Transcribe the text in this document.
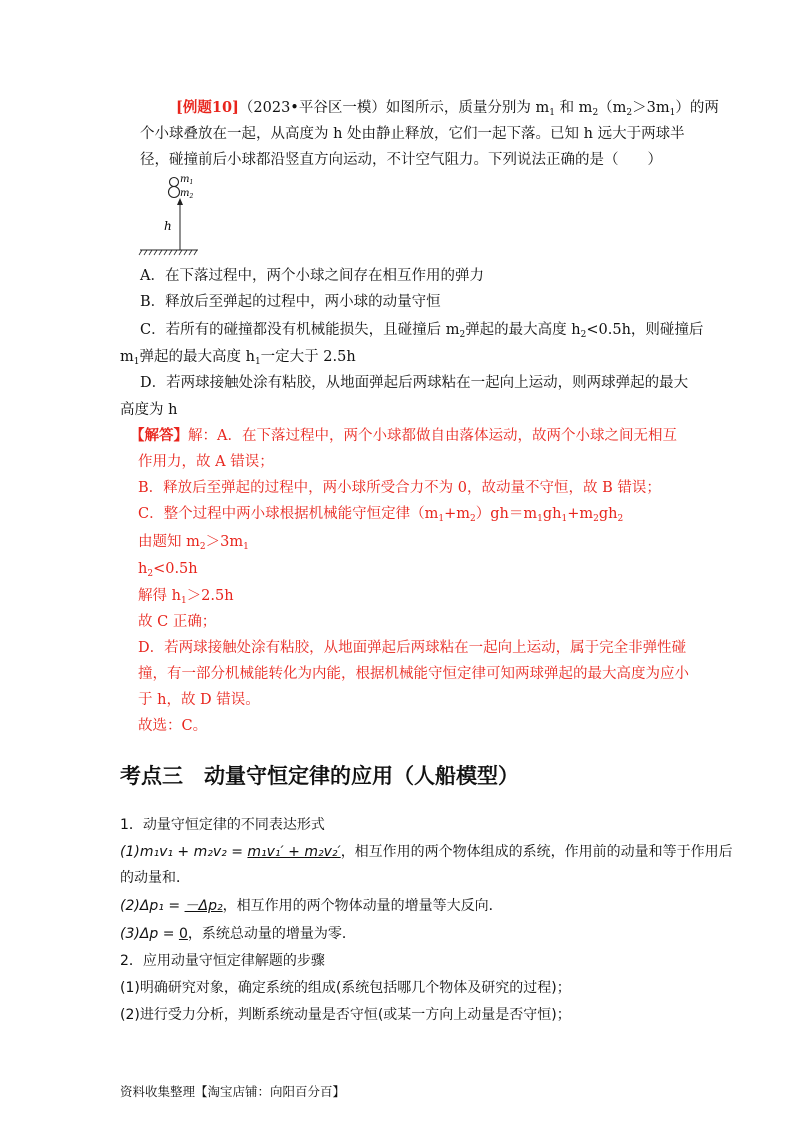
[例题10]（2023•平谷区一模）如图所示，质量分别为 $m_1$ 和 $m_2(m_2>3m_1)$的两
个小球叠放在一起，从高度为 h 处由静止释放，它们一起下落。已知 h 远大于两球半
径，碰撞前后小球都沿竖直方向运动，不计空气阻力。下列说法正确的是（　　）
$m_1$
$m_2$
h
A．在下落过程中，两个小球之间存在相互作用的弹力
B．释放后至弹起的过程中，两小球的动量守恒
C．若所有的碰撞都没有机械能损失，且碰撞后 $m_2$弹起的最大高度 $h_2<0.5h$，则碰撞后
$m_1$弹起的最大高度 $h_1$一定大于 2.5h
D．若两球接触处涂有粘胶，从地面弹起后两球粘在一起向上运动，则两球弹起的最大
高度为 h
【解答】解：A．在下落过程中，两个小球都做自由落体运动，故两个小球之间无相互
作用力，故 A 错误；
B．释放后至弹起的过程中，两小球所受合力不为 0，故动量不守恒，故 B 错误；
C．整个过程中两小球根据机械能守恒定律$(m_1+m_2)gh=m_1gh_1+m_2gh_2$
由题知 $m_2>3m_1$
$h_2<0.5h$
解得 $h_1>2.5h$
故 C 正确；
D．若两球接触处涂有粘胶，从地面弹起后两球粘在一起向上运动，属于完全非弹性碰
撞，有一部分机械能转化为内能，根据机械能守恒定律可知两球弹起的最大高度为应小
于 h，故 D 错误。
故选：C。
考点三　动量守恒定律的应用（人船模型）
1．动量守恒定律的不同表达形式
(1)m₁v₁ + m₂v₂ = m₁v₁′ + m₂v₂′，相互作用的两个物体组成的系统，作用前的动量和等于作用后
的动量和．
(2)Δp₁ = －Δp₂，相互作用的两个物体动量的增量等大反向．
(3)Δp = 0，系统总动量的增量为零．
2．应用动量守恒定律解题的步骤
(1)明确研究对象，确定系统的组成(系统包括哪几个物体及研究的过程)；
(2)进行受力分析，判断系统动量是否守恒(或某一方向上动量是否守恒)；
资料收集整理【淘宝店铺：向阳百分百】
